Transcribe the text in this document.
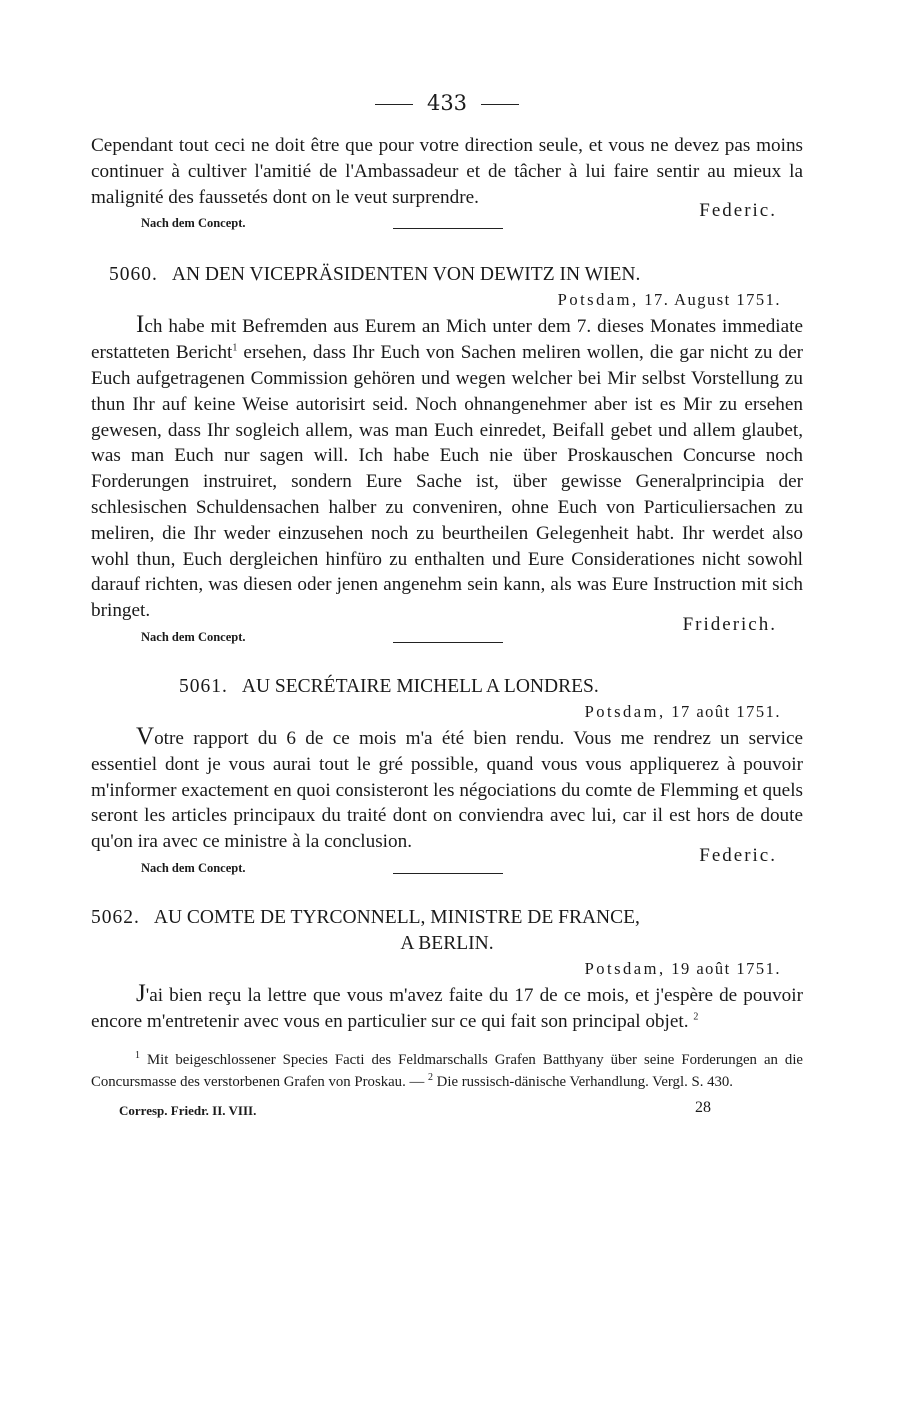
433

Cependant tout ceci ne doit être que pour votre direction seule, et vous ne devez pas moins continuer à cultiver l'amitié de l'Ambassadeur et de tâcher à lui faire sentir au mieux la malignité des faussetés dont on le veut surprendre.

Nach dem Concept.
Federic.

5060. AN DEN VICEPRÄSIDENTEN VON DEWITZ IN WIEN.

Potsdam, 17. August 1751.

Ich habe mit Befremden aus Eurem an Mich unter dem 7. dieses Monates immediate erstatteten Bericht$^1$ ersehen, dass Ihr Euch von Sachen meliren wollen, die gar nicht zu der Euch aufgetragenen Commission gehören und wegen welcher bei Mir selbst Vorstellung zu thun Ihr auf keine Weise autorisirt seid. Noch ohnangenehmer aber ist es Mir zu ersehen gewesen, dass Ihr sogleich allem, was man Euch einredet, Beifall gebet und allem glaubet, was man Euch nur sagen will. Ich habe Euch nie über Proskauschen Concurse noch Forderungen instruiret, sondern Eure Sache ist, über gewisse Generalprincipia der schlesischen Schuldensachen halber zu conveniren, ohne Euch von Particuliersachen zu meliren, die Ihr weder einzusehen noch zu beurtheilen Gelegenheit habt. Ihr werdet also wohl thun, Euch dergleichen hinfüro zu enthalten und Eure Considerationes nicht sowohl darauf richten, was diesen oder jenen angenehm sein kann, als was Eure Instruction mit sich bringet.

Nach dem Concept.
Friderich.

5061. AU SECRÉTAIRE MICHELL A LONDRES.

Potsdam, 17 août 1751.

Votre rapport du 6 de ce mois m'a été bien rendu. Vous me rendrez un service essentiel dont je vous aurai tout le gré possible, quand vous vous appliquerez à pouvoir m'informer exactement en quoi consisteront les négociations du comte de Flemming et quels seront les articles principaux du traité dont on conviendra avec lui, car il est hors de doute qu'on ira avec ce ministre à la conclusion.

Nach dem Concept.
Federic.

5062. AU COMTE DE TYRCONNELL, MINISTRE DE FRANCE,

A BERLIN.

Potsdam, 19 août 1751.

J'ai bien reçu la lettre que vous m'avez faite du 17 de ce mois, et j'espère de pouvoir encore m'entretenir avec vous en particulier sur ce qui fait son principal objet. $^2$

$^1$ Mit beigeschlossener Species Facti des Feldmarschalls Grafen Batthyany über seine Forderungen an die Concursmasse des verstorbenen Grafen von Proskau. — $^2$ Die russisch-dänische Verhandlung. Vergl. S. 430.
Corresp. Friedr. II. VIII.	28
